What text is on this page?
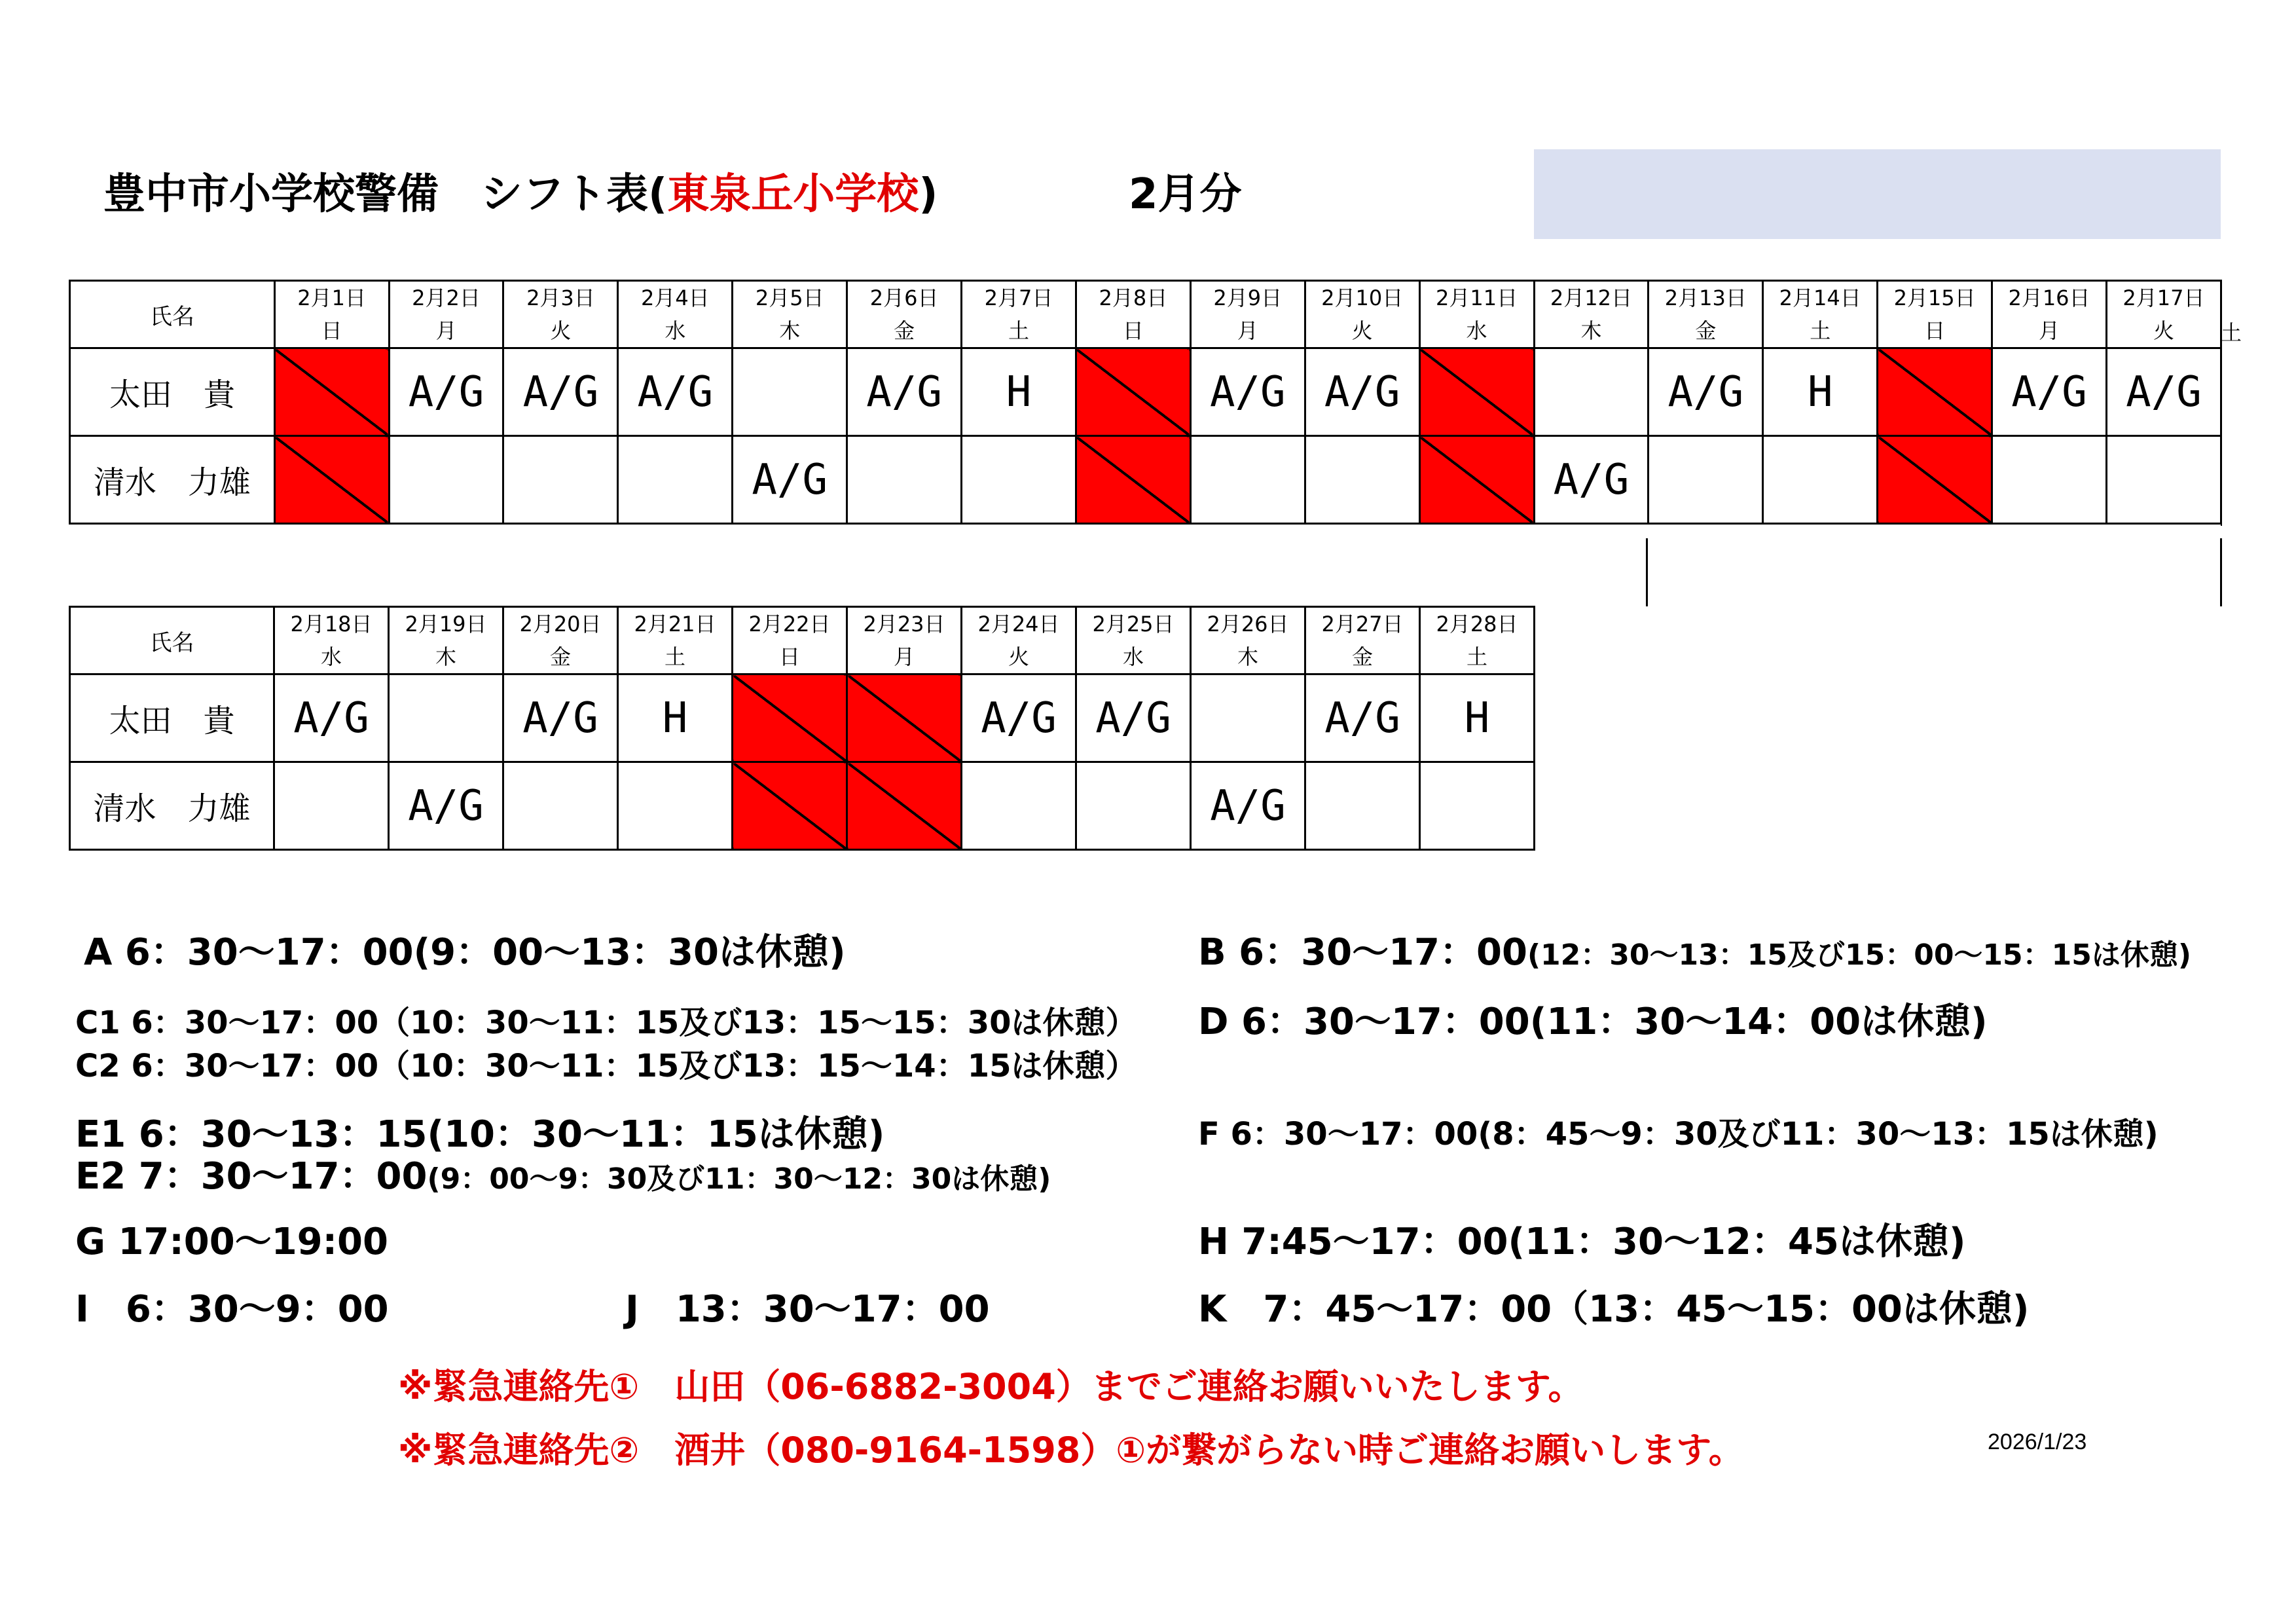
豊中市小学校警備　シフト表(東泉丘小学校)	2月分
氏名	2月1日	2月2日	2月3日	2月4日	2月5日	2月6日	2月7日	2月8日	2月9日	2月10日	2月11日	2月12日	2月13日	2月14日	2月15日	2月16日	2月17日
	日	月	火	水	木	金	土	日	月	火	水	木	金	土	日	月	火
太田　貴		A/G	A/G	A/G		A/G	H		A/G	A/G			A/G	H		A/G	A/G
清水　力雄					A/G							A/G					
土
氏名	2月18日	2月19日	2月20日	2月21日	2月22日	2月23日	2月24日	2月25日	2月26日	2月27日	2月28日
	水	木	金	土	日	月	火	水	木	金	土
太田　貴	A/G		A/G	H			A/G	A/G		A/G	H
清水　力雄		A/G							A/G		
A 6：30～17：00(9：00～13：30は休憩)	B 6：30～17：00(12：30～13：15及び15：00～15：15は休憩)
C1 6：30～17：00（10：30～11：15及び13：15～15：30は休憩）
C2 6：30～17：00（10：30～11：15及び13：15～14：15は休憩）
D 6：30～17：00(11：30～14：00は休憩)
E1 6：30～13：15(10：30～11：15は休憩)
E2 7：30～17：00(9：00～9：30及び11：30～12：30は休憩)
F 6：30～17：00(8：45～9：30及び11：30～13：15は休憩)
G 17:00～19:00	H 7:45～17：00(11：30～12：45は休憩)
I　6：30～9：00	J　13：30～17：00	K　7：45～17：00（13：45～15：00は休憩)
※緊急連絡先①　山田（06-6882-3004）までご連絡お願いいたします。
※緊急連絡先②　酒井（080-9164-1598）①が繋がらない時ご連絡お願いします。	2026/1/23
